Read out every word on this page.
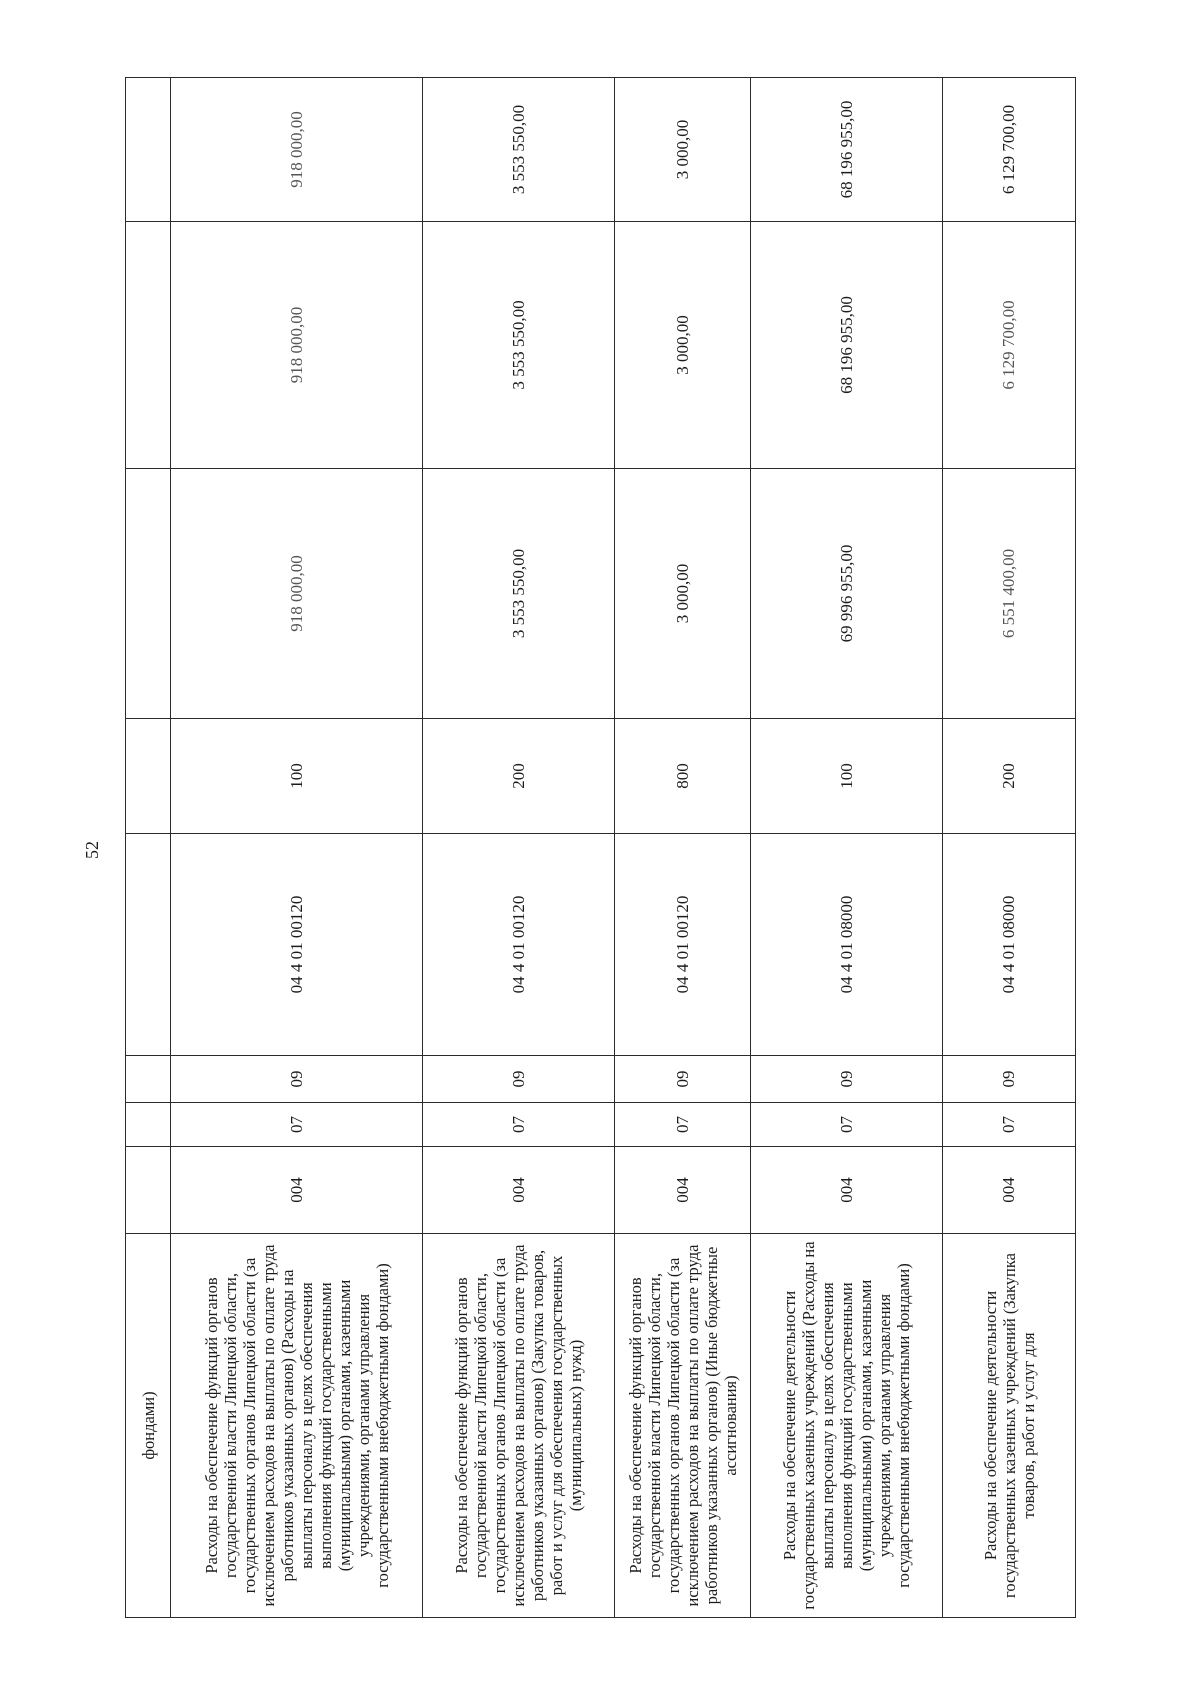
52
фондами)								
Расходы на обеспечение функций органов государственной власти Липецкой области, государственных органов Липецкой области (за исключением расходов на выплаты по оплате труда работников указанных органов) (Расходы на выплаты персоналу в целях обеспечения выполнения функций государственными (муниципальными) органами, казенными учреждениями, органами управления государственными внебюджетными фондами)	004	07	09	04 4 01 00120	100	918 000,00	918 000,00	918 000,00
Расходы на обеспечение функций органов государственной власти Липецкой области, государственных органов Липецкой области (за исключением расходов на выплаты по оплате труда работников указанных органов) (Закупка товаров, работ и услуг для обеспечения государственных (муниципальных) нужд)	004	07	09	04 4 01 00120	200	3 553 550,00	3 553 550,00	3 553 550,00
Расходы на обеспечение функций органов государственной власти Липецкой области, государственных органов Липецкой области (за исключением расходов на выплаты по оплате труда работников указанных органов) (Иные бюджетные ассигнования)	004	07	09	04 4 01 00120	800	3 000,00	3 000,00	3 000,00
Расходы на обеспечение деятельности государственных казенных учреждений (Расходы на выплаты персоналу в целях обеспечения выполнения функций государственными (муниципальными) органами, казенными учреждениями, органами управления государственными внебюджетными фондами)	004	07	09	04 4 01 08000	100	69 996 955,00	68 196 955,00	68 196 955,00
Расходы на обеспечение деятельности государственных казенных учреждений (Закупка товаров, работ и услуг для	004	07	09	04 4 01 08000	200	6 551 400,00	6 129 700,00	6 129 700,00
